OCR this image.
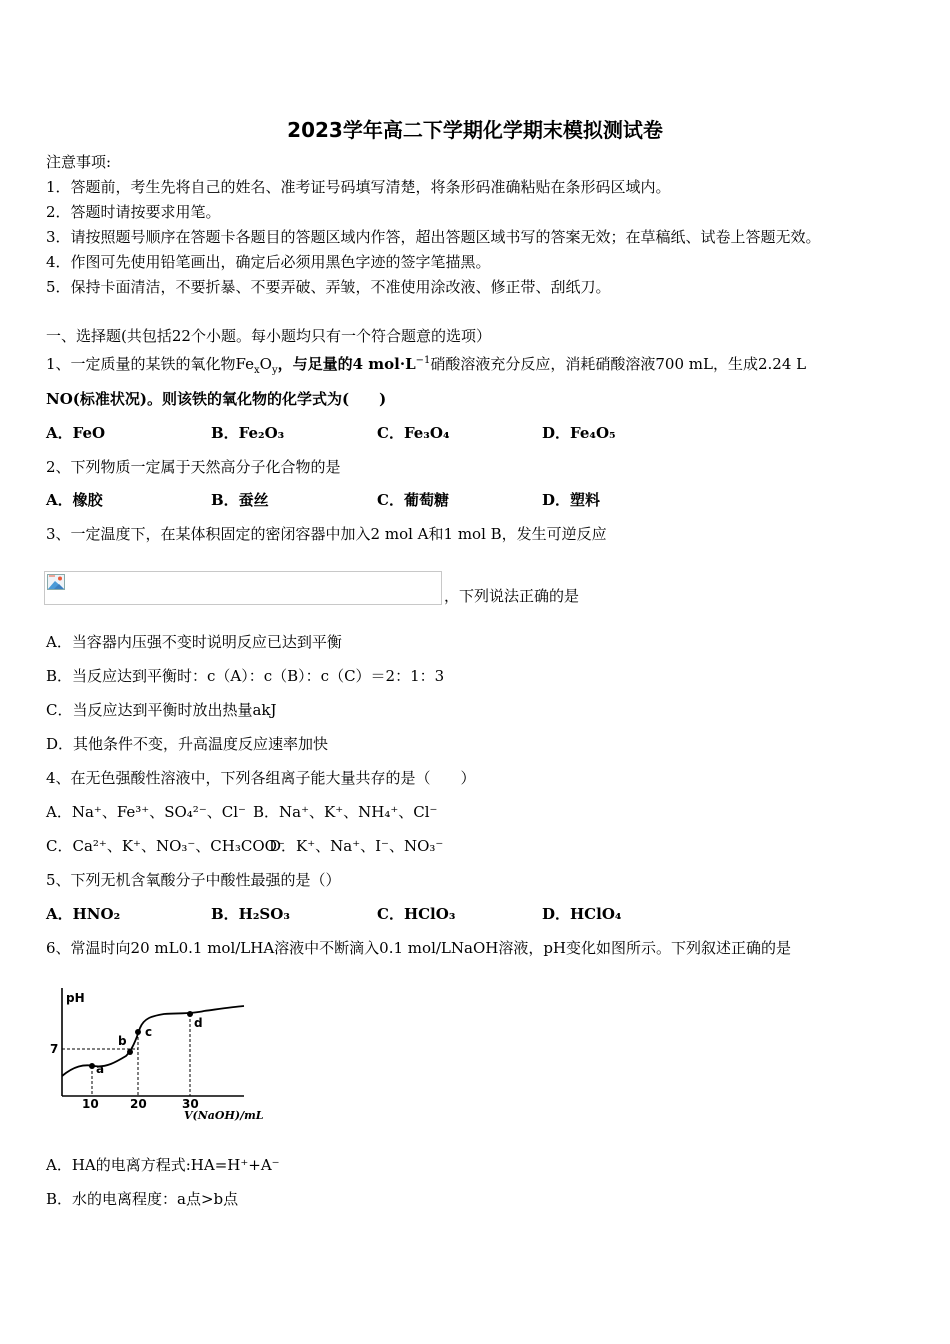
2023学年高二下学期化学期末模拟测试卷
注意事项:
1．答题前，考生先将自己的姓名、准考证号码填写清楚，将条形码准确粘贴在条形码区域内。
2．答题时请按要求用笔。
3．请按照题号顺序在答题卡各题目的答题区域内作答，超出答题区域书写的答案无效；在草稿纸、试卷上答题无效。
4．作图可先使用铅笔画出，确定后必须用黑色字迹的签字笔描黑。
5．保持卡面清洁，不要折暴、不要弄破、弄皱，不准使用涂改液、修正带、刮纸刀。
一、选择题(共包括22个小题。每小题均只有一个符合题意的选项）
1、一定质量的某铁的氧化物$Fe_xO_y$，与足量的4 $mol\cdot L^{-1}$硝酸溶液充分反应，消耗硝酸溶液700 mL，生成2.24 L
NO(标准状况)。则该铁的氧化物的化学式为(　　)
A．FeO	B．Fe₂O₃	C．Fe₃O₄	D．Fe₄O₅
2、下列物质一定属于天然高分子化合物的是
A．橡胶	B．蚕丝	C．葡萄糖	D．塑料
3、一定温度下，在某体积固定的密闭容器中加入2 mol A和1 mol B，发生可逆反应
，下列说法正确的是
A．当容器内压强不变时说明反应已达到平衡
B．当反应达到平衡时：c（A）：c（B）：c（C）＝2：1：3
C．当反应达到平衡时放出热量akJ
D．其他条件不变，升高温度反应速率加快
4、在无色强酸性溶液中，下列各组离子能大量共存的是（　　）
A．Na⁺、Fe³⁺、SO₄²⁻、Cl⁻ B．Na⁺、K⁺、NH₄⁺、Cl⁻
C．Ca²⁺、K⁺、NO₃⁻、CH₃COO⁻
D．K⁺、Na⁺、I⁻、NO₃⁻
5、下列无机含氧酸分子中酸性最强的是（）
A．HNO₂	B．H₂SO₃	C．HClO₃	D．HClO₄
6、常温时向20 mL0.1 mol/LHA溶液中不断滴入0.1 mol/LNaOH溶液，pH变化如图所示。下列叙述正确的是
pH
7
a
b
c
d
10	20	30
V(NaOH)/mL
A．HA的电离方程式:HA=H⁺+A⁻
B．水的电离程度：a点>b点
